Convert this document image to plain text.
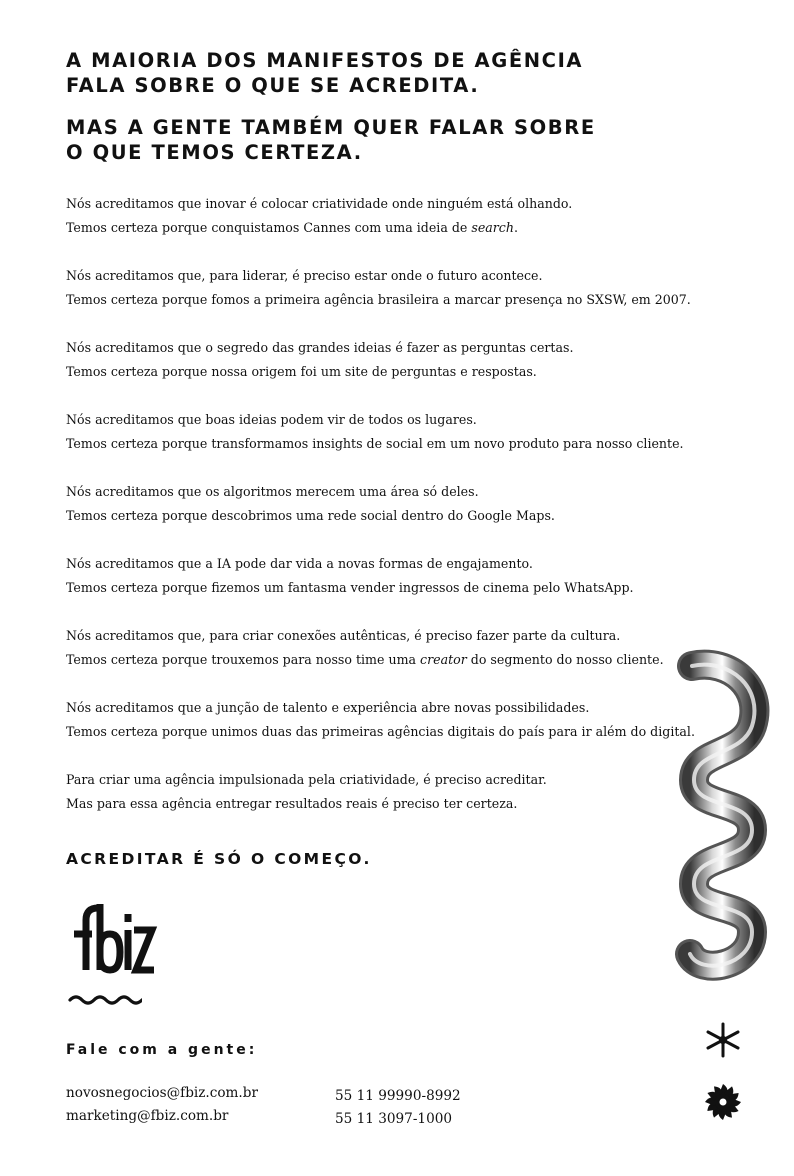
A MAIORIA DOS MANIFESTOS DE AGÊNCIA
FALA SOBRE O QUE SE ACREDITA.
MAS A GENTE TAMBÉM QUER FALAR SOBRE
O QUE TEMOS CERTEZA.

Nós acreditamos que inovar é colocar criatividade onde ninguém está olhando.

Temos certeza porque conquistamos Cannes com uma ideia de search.

Nós acreditamos que, para liderar, é preciso estar onde o futuro acontece.

Temos certeza porque fomos a primeira agência brasileira a marcar presença no SXSW, em 2007.

Nós acreditamos que o segredo das grandes ideias é fazer as perguntas certas.

Temos certeza porque nossa origem foi um site de perguntas e respostas.

Nós acreditamos que boas ideias podem vir de todos os lugares.

Temos certeza porque transformamos insights de social em um novo produto para nosso cliente.

Nós acreditamos que os algoritmos merecem uma área só deles.

Temos certeza porque descobrimos uma rede social dentro do Google Maps.

Nós acreditamos que a IA pode dar vida a novas formas de engajamento.

Temos certeza porque fizemos um fantasma vender ingressos de cinema pelo WhatsApp.

Nós acreditamos que, para criar conexões autênticas, é preciso fazer parte da cultura.

Temos certeza porque trouxemos para nosso time uma creator do segmento do nosso cliente.

Nós acreditamos que a junção de talento e experiência abre novas possibilidades.

Temos certeza porque unimos duas das primeiras agências digitais do país para ir além do digital.

Para criar uma agência impulsionada pela criatividade, é preciso acreditar.

Mas para essa agência entregar resultados reais é preciso ter certeza.

ACREDITAR É SÓ O COMEÇO.
Fale com a gente:
novosnegocios@fbiz.com.br
marketing@fbiz.com.br
55 11 99990-8992
55 11 3097-1000
